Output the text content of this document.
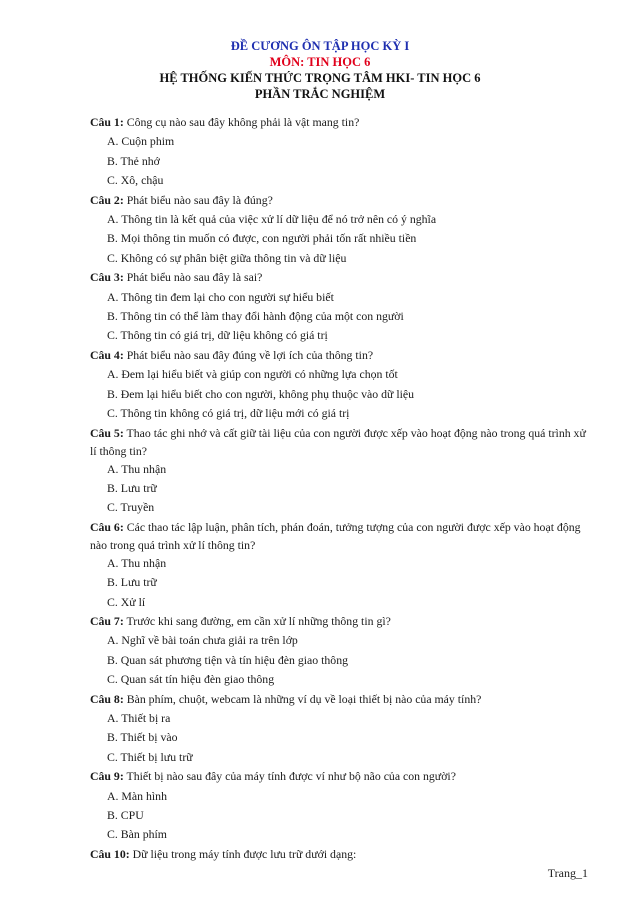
ĐỀ CƯƠNG ÔN TẬP HỌC KỲ I
MÔN: TIN HỌC 6
HỆ THỐNG KIẾN THỨC TRỌNG TÂM HKI- TIN HỌC 6
PHẦN TRẮC NGHIỆM
Câu 1: Công cụ nào sau đây không phải là vật mang tin?
A. Cuộn phim
B. Thẻ nhớ
C. Xô, chậu
Câu 2: Phát biểu nào sau đây là đúng?
A. Thông tin là kết quả của việc xử lí dữ liệu để nó trở nên có ý nghĩa
B. Mọi thông tin muốn có được, con người phải tốn rất nhiều tiền
C. Không có sự phân biệt giữa thông tin và dữ liệu
Câu 3: Phát biểu nào sau đây là sai?
A. Thông tin đem lại cho con người sự hiểu biết
B. Thông tin có thể làm thay đổi hành động của một con người
C. Thông tin có giá trị, dữ liệu không có giá trị
Câu 4: Phát biểu nào sau đây đúng về lợi ích của thông tin?
A. Đem lại hiểu biết và giúp con người có những lựa chọn tốt
B. Đem lại hiểu biết cho con người, không phụ thuộc vào dữ liệu
C. Thông tin không có giá trị, dữ liệu mới có giá trị
Câu 5: Thao tác ghi nhớ và cất giữ tài liệu của con người được xếp vào hoạt động nào trong quá trình xử lí thông tin?
A. Thu nhận
B. Lưu trữ
C. Truyền
Câu 6: Các thao tác lập luận, phân tích, phán đoán, tưởng tượng của con người được xếp vào hoạt động nào trong quá trình xử lí thông tin?
A. Thu nhận
B. Lưu trữ
C. Xử lí
Câu 7: Trước khi sang đường, em cần xử lí những thông tin gì?
A. Nghĩ về bài toán chưa giải ra trên lớp
B. Quan sát phương tiện và tín hiệu đèn giao thông
C. Quan sát tín hiệu đèn giao thông
Câu 8: Bàn phím, chuột, webcam là những ví dụ về loại thiết bị nào của máy tính?
A. Thiết bị ra
B. Thiết bị vào
C. Thiết bị lưu trữ
Câu 9: Thiết bị nào sau đây của máy tính được ví như bộ não của con người?
A. Màn hình
B. CPU
C. Bàn phím
Câu 10: Dữ liệu trong máy tính được lưu trữ dưới dạng:
Trang_1
